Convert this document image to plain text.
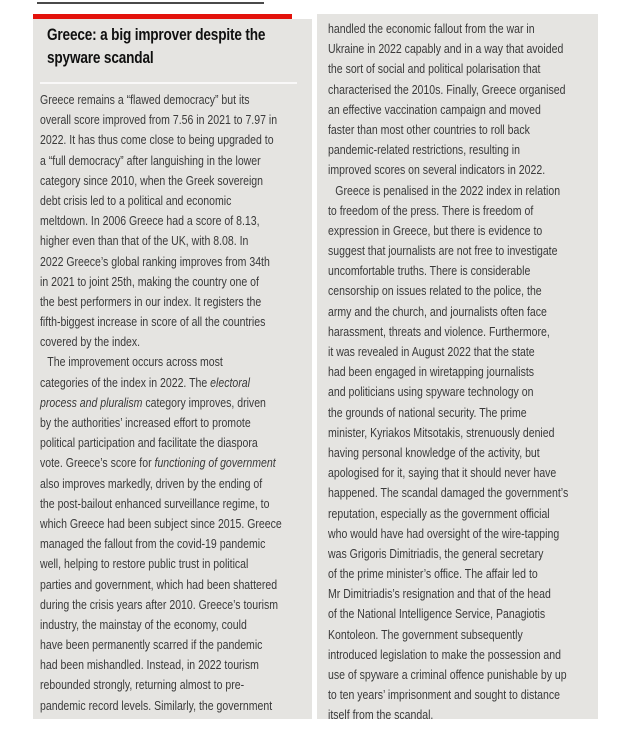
Greece: a big improver despite the
spyware scandal
Greece remains a “flawed democracy” but its
overall score improved from 7.56 in 2021 to 7.97 in
2022. It has thus come close to being upgraded to
a “full democracy” after languishing in the lower
category since 2010, when the Greek sovereign
debt crisis led to a political and economic
meltdown. In 2006 Greece had a score of 8.13,
higher even than that of the UK, with 8.08. In
2022 Greece’s global ranking improves from 34th
in 2021 to joint 25th, making the country one of
the best performers in our index. It registers the
fifth-biggest increase in score of all the countries
covered by the index.
The improvement occurs across most
categories of the index in 2022. The electoral
process and pluralism category improves, driven
by the authorities’ increased effort to promote
political participation and facilitate the diaspora
vote. Greece’s score for functioning of government
also improves markedly, driven by the ending of
the post-bailout enhanced surveillance regime, to
which Greece had been subject since 2015. Greece
managed the fallout from the covid-19 pandemic
well, helping to restore public trust in political
parties and government, which had been shattered
during the crisis years after 2010. Greece’s tourism
industry, the mainstay of the economy, could
have been permanently scarred if the pandemic
had been mishandled. Instead, in 2022 tourism
rebounded strongly, returning almost to pre-
pandemic record levels. Similarly, the government
handled the economic fallout from the war in
Ukraine in 2022 capably and in a way that avoided
the sort of social and political polarisation that
characterised the 2010s. Finally, Greece organised
an effective vaccination campaign and moved
faster than most other countries to roll back
pandemic-related restrictions, resulting in
improved scores on several indicators in 2022.
Greece is penalised in the 2022 index in relation
to freedom of the press. There is freedom of
expression in Greece, but there is evidence to
suggest that journalists are not free to investigate
uncomfortable truths. There is considerable
censorship on issues related to the police, the
army and the church, and journalists often face
harassment, threats and violence. Furthermore,
it was revealed in August 2022 that the state
had been engaged in wiretapping journalists
and politicians using spyware technology on
the grounds of national security. The prime
minister, Kyriakos Mitsotakis, strenuously denied
having personal knowledge of the activity, but
apologised for it, saying that it should never have
happened. The scandal damaged the government’s
reputation, especially as the government official
who would have had oversight of the wire-tapping
was Grigoris Dimitriadis, the general secretary
of the prime minister’s office. The affair led to
Mr Dimitriadis’s resignation and that of the head
of the National Intelligence Service, Panagiotis
Kontoleon. The government subsequently
introduced legislation to make the possession and
use of spyware a criminal offence punishable by up
to ten years’ imprisonment and sought to distance
itself from the scandal.
